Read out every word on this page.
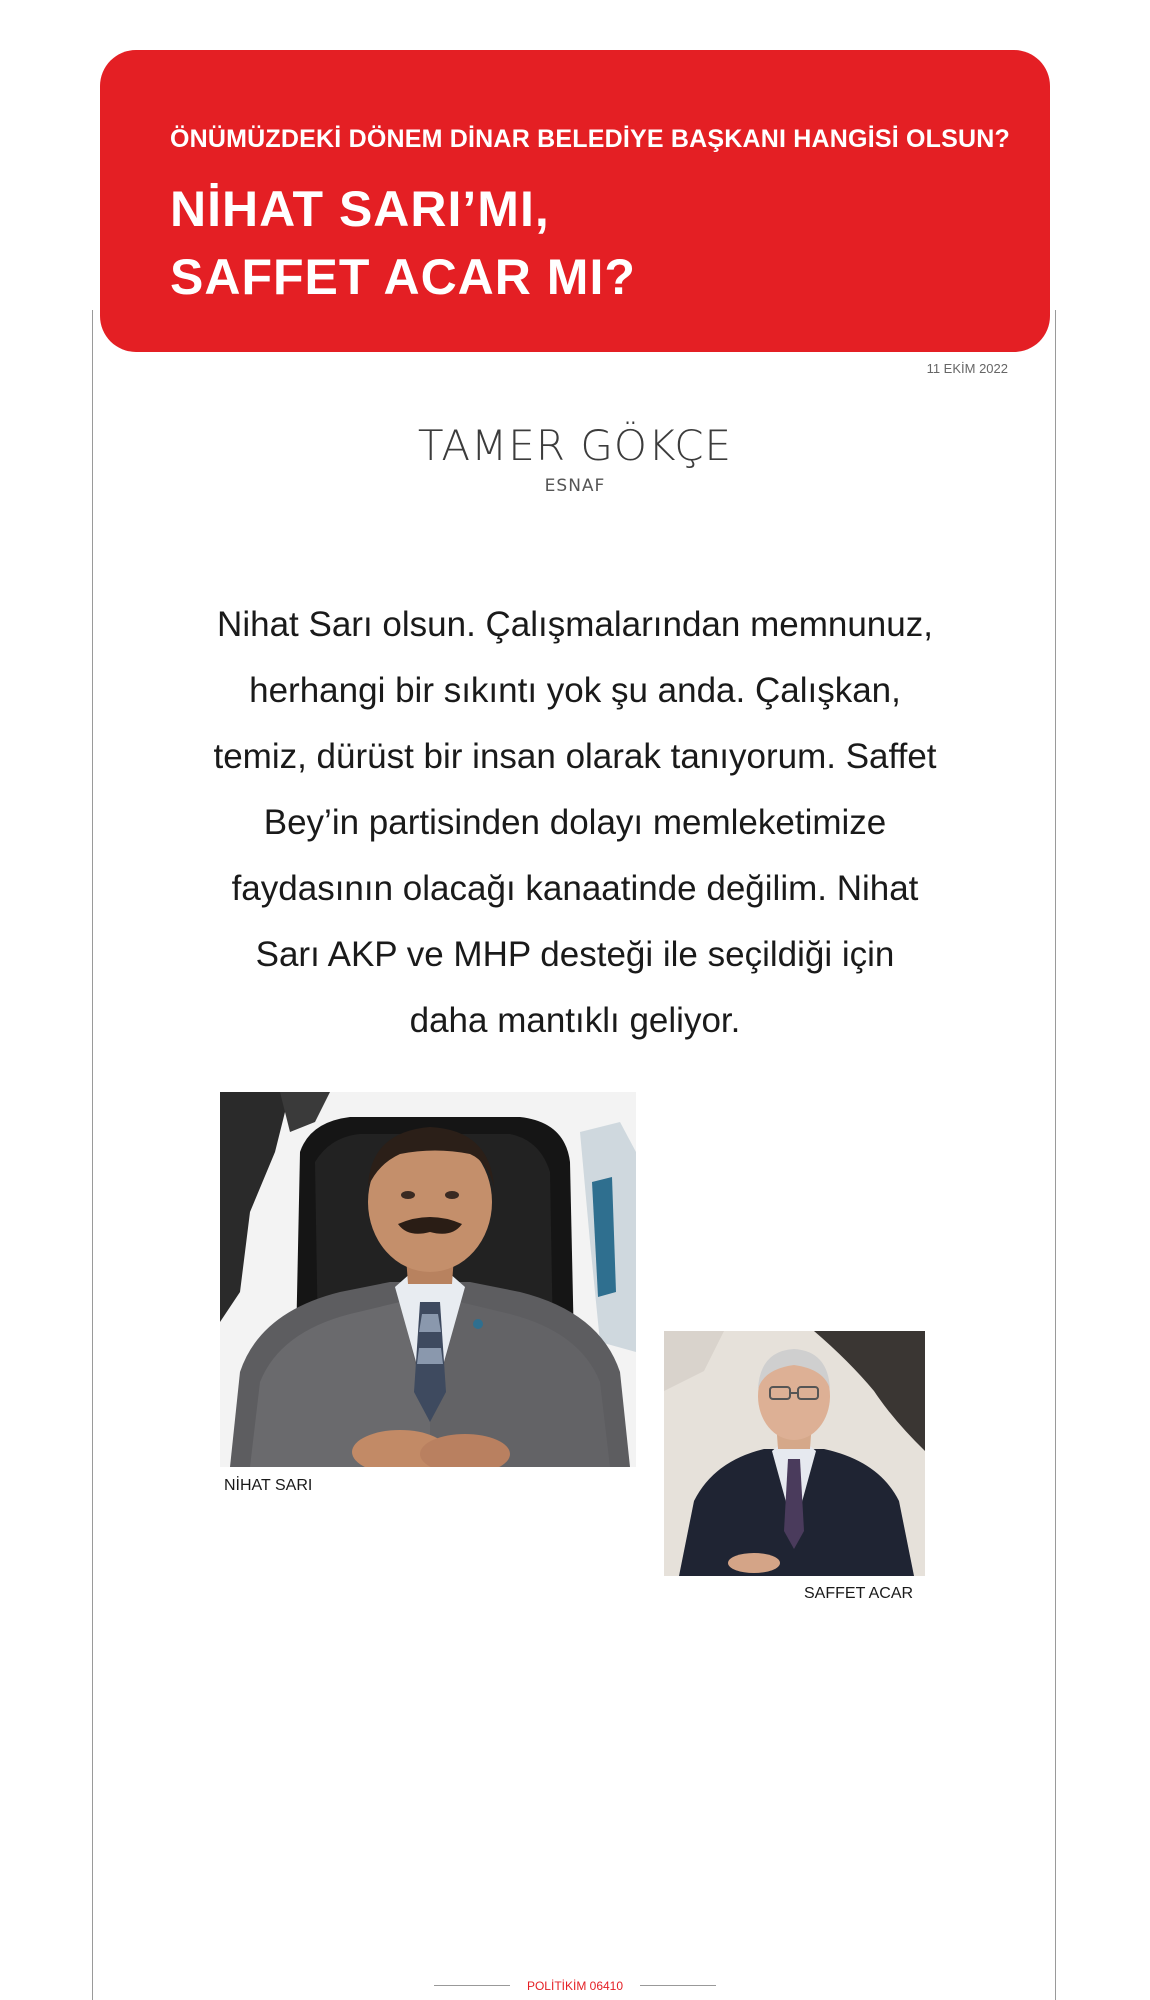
ÖNÜMÜZDEKİ DÖNEM DİNAR BELEDİYE BAŞKANI HANGİSİ OLSUN?
NİHAT SARI’MI,
SAFFET ACAR MI?
11 EKİM 2022
TAMER GÖKÇE
ESNAF
Nihat Sarı olsun. Çalışmalarından memnunuz,
herhangi bir sıkıntı yok şu anda. Çalışkan,
temiz, dürüst bir insan olarak tanıyorum. Saffet
Bey’in partisinden dolayı memleketimize
faydasının olacağı kanaatinde değilim. Nihat
Sarı AKP ve MHP desteği ile seçildiği için
daha mantıklı geliyor.
NİHAT SARI
SAFFET ACAR
POLİTİKİM 06410
